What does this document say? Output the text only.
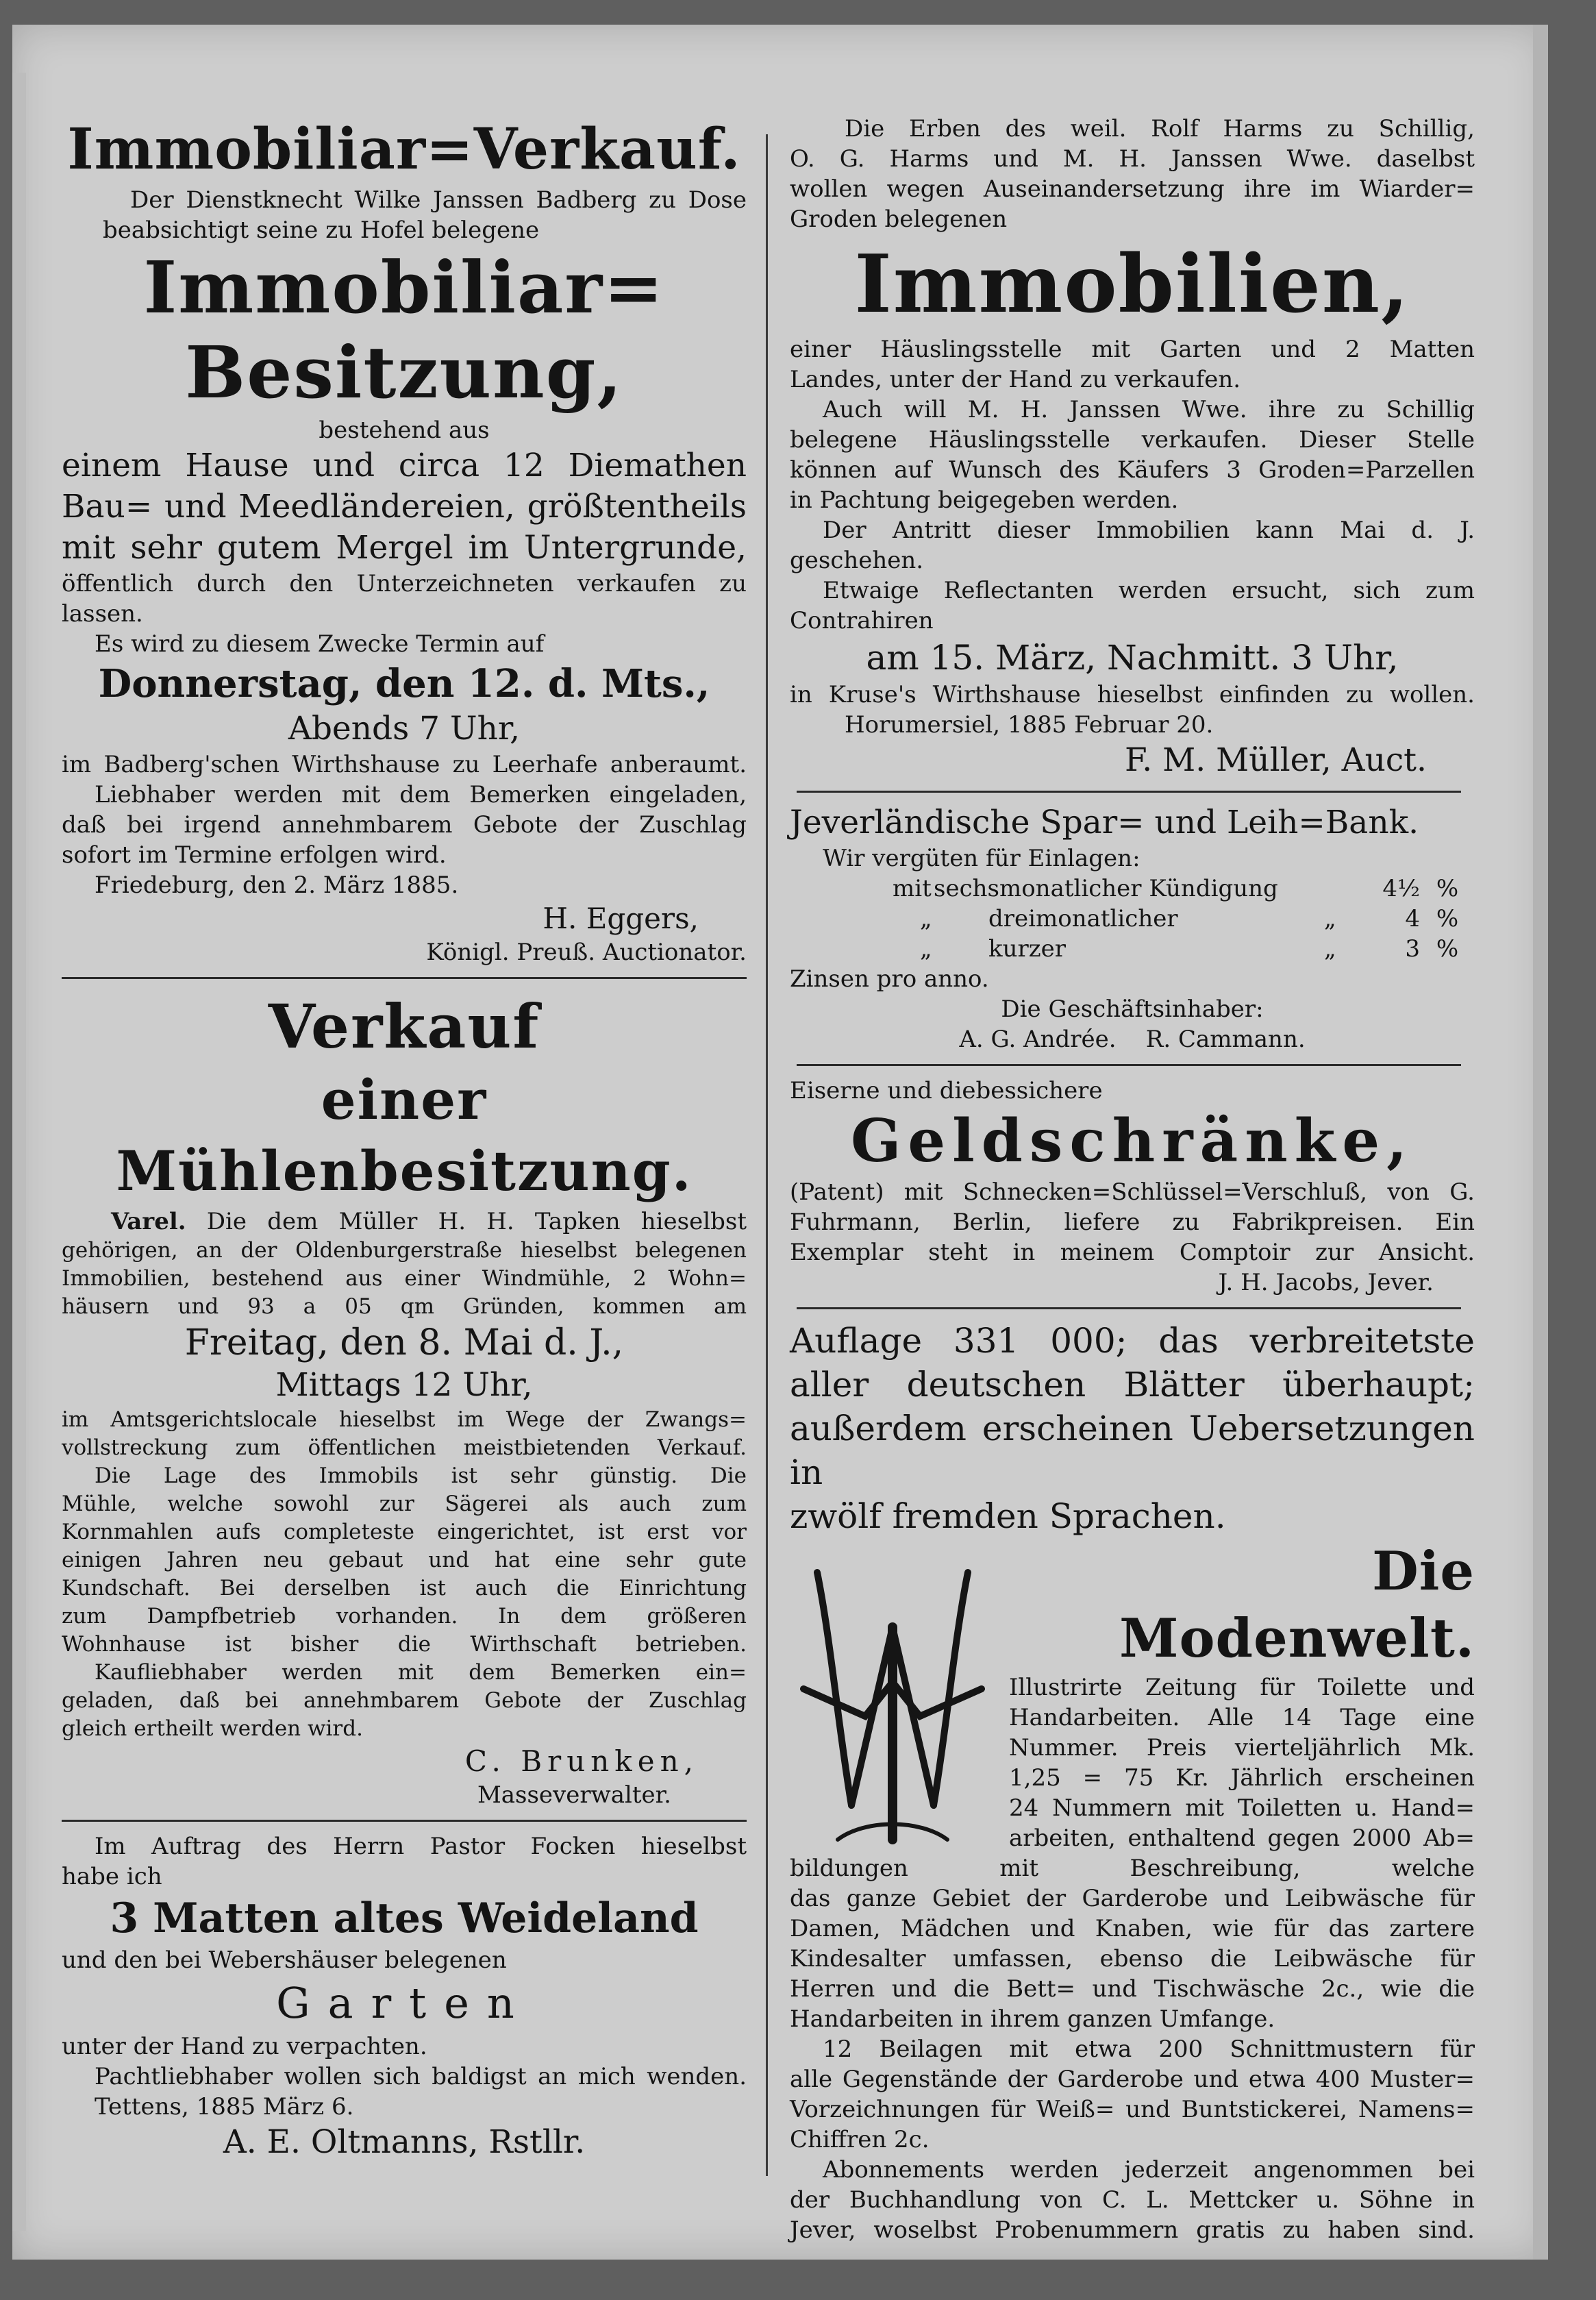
Immobiliar=Verkauf.

Der Dienstknecht Wilke Janssen Badberg zu Dose

beabsichtigt seine zu Hofel belegene

Immobiliar=

Besitzung,

bestehend aus

einem Hause und circa 12 Diemathen

Bau= und Meedländereien, größtentheils

mit sehr gutem Mergel im Untergrunde,

öffentlich durch den Unterzeichneten verkaufen zu lassen.

Es wird zu diesem Zwecke Termin auf

Donnerstag, den 12. d. Mts.,

Abends 7 Uhr,

im Badberg'schen Wirthshause zu Leerhafe anberaumt.

Liebhaber werden mit dem Bemerken eingeladen,

daß bei irgend annehmbarem Gebote der Zuschlag

sofort im Termine erfolgen wird.

Friedeburg, den 2. März 1885.

H. Eggers,

Königl. Preuß. Auctionator.

Verkauf

einer Mühlenbesitzung.

Varel. Die dem Müller H. H. Tapken hieselbst

gehörigen, an der Oldenburgerstraße hieselbst belegenen

Immobilien, bestehend aus einer Windmühle, 2 Wohn=

häusern und 93 a 05 qm Gründen, kommen am

Freitag, den 8. Mai d. J.,

Mittags 12 Uhr,

im Amtsgerichtslocale hieselbst im Wege der Zwangs=

vollstreckung zum öffentlichen meistbietenden Verkauf.

Die Lage des Immobils ist sehr günstig. Die

Mühle, welche sowohl zur Sägerei als auch zum

Kornmahlen aufs completeste eingerichtet, ist erst vor

einigen Jahren neu gebaut und hat eine sehr gute

Kundschaft. Bei derselben ist auch die Einrichtung

zum Dampfbetrieb vorhanden. In dem größeren

Wohnhause ist bisher die Wirthschaft betrieben.

Kaufliebhaber werden mit dem Bemerken ein=

geladen, daß bei annehmbarem Gebote der Zuschlag

gleich ertheilt werden wird.

C. Brunken,

Masseverwalter.

Im Auftrag des Herrn Pastor Focken hieselbst

habe ich

3 Matten altes Weideland

und den bei Webershäuser belegenen

Garten

unter der Hand zu verpachten.

Pachtliebhaber wollen sich baldigst an mich wenden.

Tettens, 1885 März 6.

A. E. Oltmanns, Rstllr.

Die Erben des weil. Rolf Harms zu Schillig,

O. G. Harms und M. H. Janssen Wwe. daselbst

wollen wegen Auseinandersetzung ihre im Wiarder=

Groden belegenen

Immobilien,

einer Häuslingsstelle mit Garten und 2 Matten

Landes, unter der Hand zu verkaufen.

Auch will M. H. Janssen Wwe. ihre zu Schillig

belegene Häuslingsstelle verkaufen. Dieser Stelle

können auf Wunsch des Käufers 3 Groden=Parzellen

in Pachtung beigegeben werden.

Der Antritt dieser Immobilien kann Mai d. J.

geschehen.

Etwaige Reflectanten werden ersucht, sich zum

Contrahiren

am 15. März, Nachmitt. 3 Uhr,

in Kruse's Wirthshause hieselbst einfinden zu wollen.

Horumersiel, 1885 Februar 20.

F. M. Müller, Auct.

Jeverländische Spar= und Leih=Bank.

Wir vergüten für Einlagen:

mit sechsmonatlicher Kündigung	4½ %
„	dreimonatlicher	„	4 %
„	kurzer	„	3 %

Zinsen pro anno.

Die Geschäftsinhaber:

A. G. Andrée.    R. Cammann.

Eiserne und diebessichere

Geldschränke,

(Patent) mit Schnecken=Schlüssel=Verschluß, von G.

Fuhrmann, Berlin, liefere zu Fabrikpreisen. Ein

Exemplar steht in meinem Comptoir zur Ansicht.

J. H. Jacobs, Jever.

Auflage 331 000; das verbreitetste

aller deutschen Blätter überhaupt;

außerdem erscheinen Uebersetzungen in

zwölf fremden Sprachen.

Die Modenwelt.

Illustrirte Zeitung für Toilette und

Handarbeiten. Alle 14 Tage eine

Nummer. Preis vierteljährlich Mk.

1,25 = 75 Kr. Jährlich erscheinen

24 Nummern mit Toiletten u. Hand=

arbeiten, enthaltend gegen 2000 Ab=

bildungen mit Beschreibung, welche

das ganze Gebiet der Garderobe und Leibwäsche für

Damen, Mädchen und Knaben, wie für das zartere

Kindesalter umfassen, ebenso die Leibwäsche für

Herren und die Bett= und Tischwäsche 2c., wie die

Handarbeiten in ihrem ganzen Umfange.

12 Beilagen mit etwa 200 Schnittmustern für

alle Gegenstände der Garderobe und etwa 400 Muster=

Vorzeichnungen für Weiß= und Buntstickerei, Namens=

Chiffren 2c.

Abonnements werden jederzeit angenommen bei

der Buchhandlung von C. L. Mettcker u. Söhne in

Jever, woselbst Probenummern gratis zu haben sind.
